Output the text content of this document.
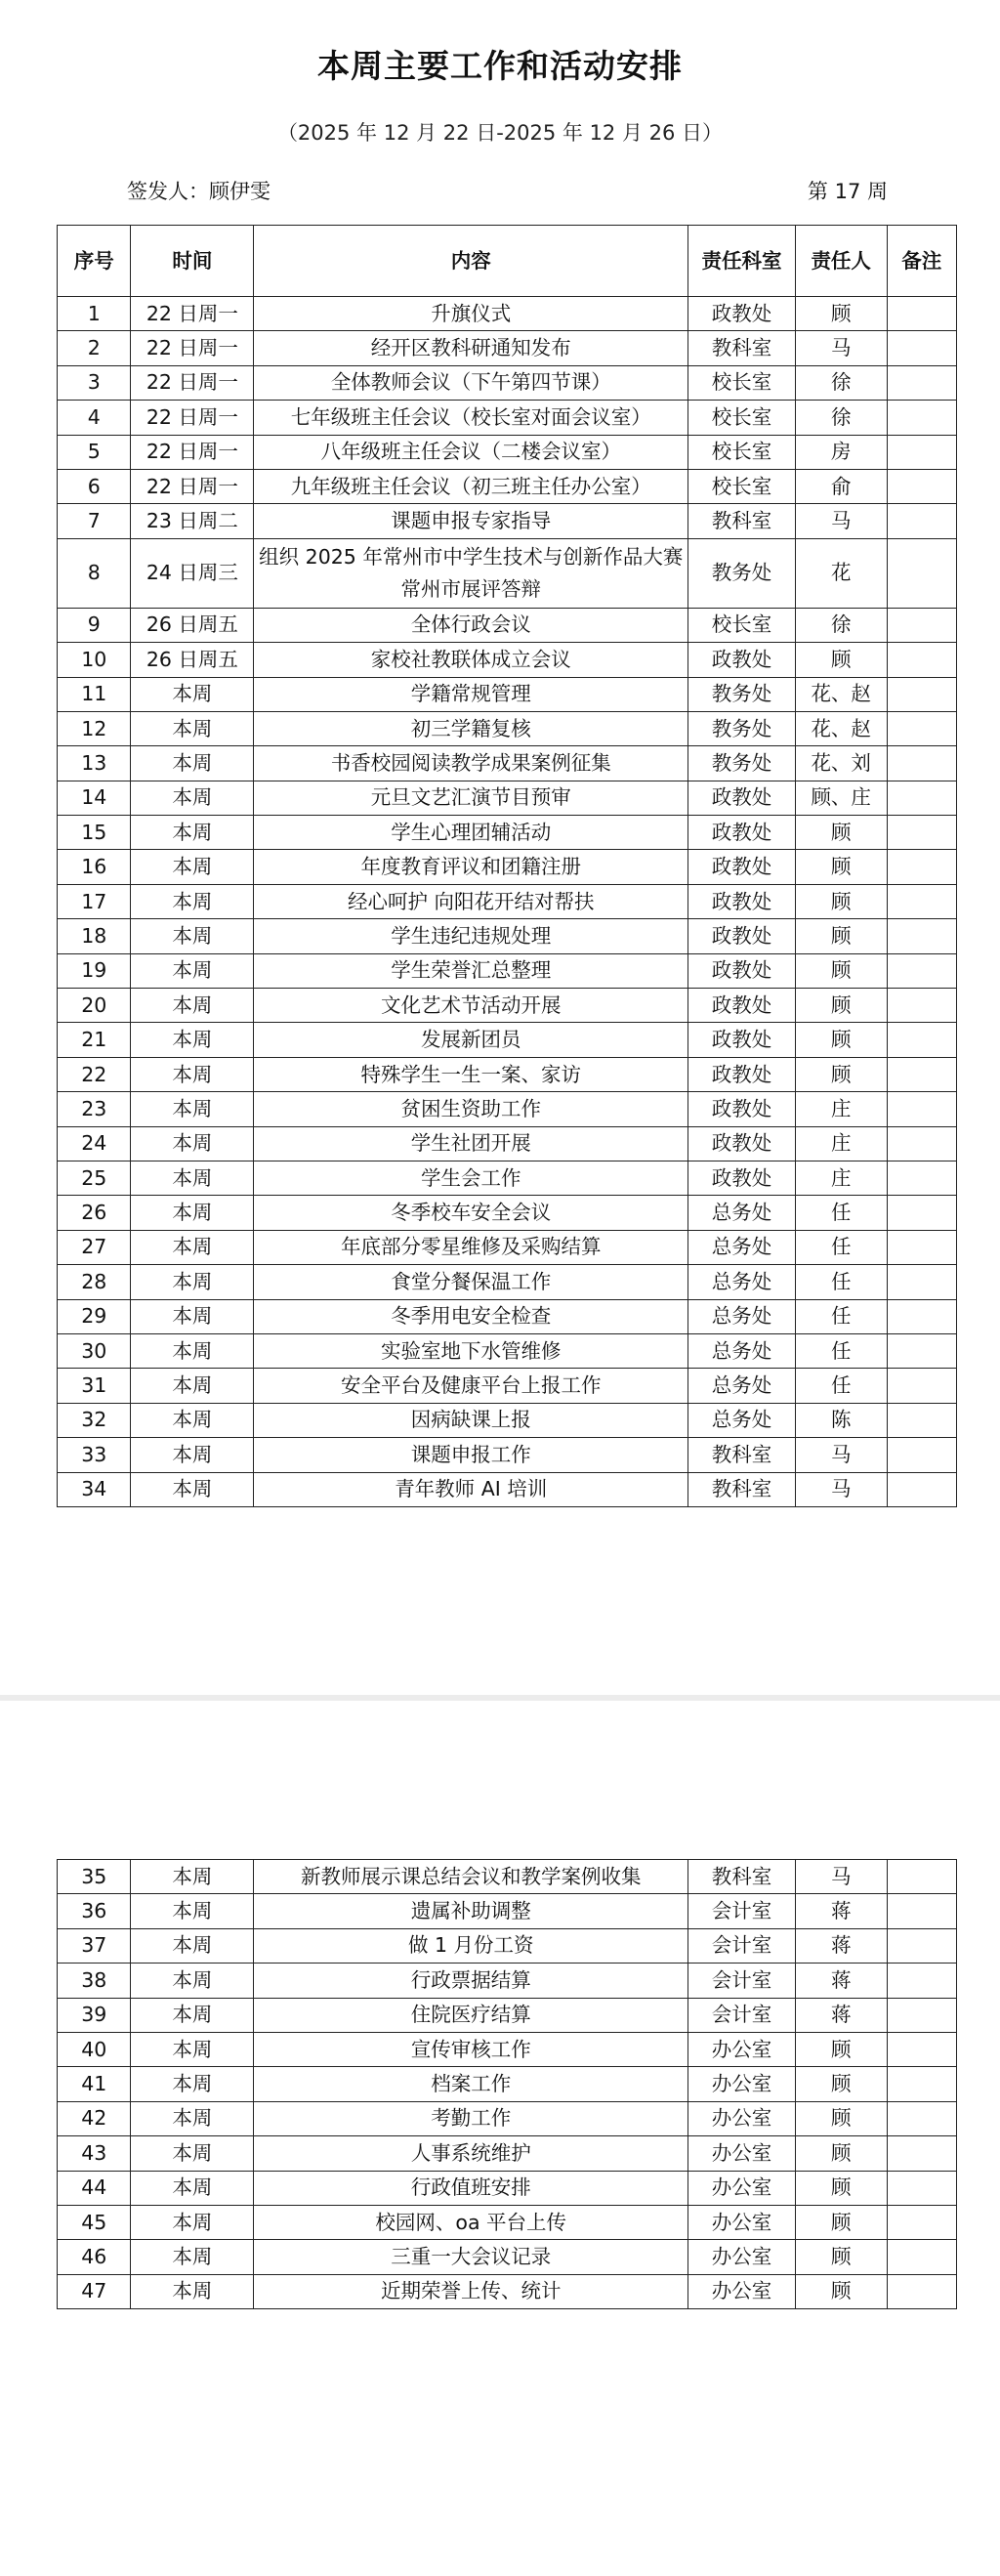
本周主要工作和活动安排
（2025 年 12 月 22 日-2025 年 12 月 26 日）
签发人：顾伊雯	第 17 周
序号	时间	内容	责任科室	责任人	备注
1	22 日周一	升旗仪式	政教处	顾	
2	22 日周一	经开区教科研通知发布	教科室	马	
3	22 日周一	全体教师会议（下午第四节课）	校长室	徐	
4	22 日周一	七年级班主任会议（校长室对面会议室）	校长室	徐	
5	22 日周一	八年级班主任会议（二楼会议室）	校长室	房	
6	22 日周一	九年级班主任会议（初三班主任办公室）	校长室	俞	
7	23 日周二	课题申报专家指导	教科室	马	
8	24 日周三	组织 2025 年常州市中学生技术与创新作品大赛常州市展评答辩	教务处	花	
9	26 日周五	全体行政会议	校长室	徐	
10	26 日周五	家校社教联体成立会议	政教处	顾	
11	本周	学籍常规管理	教务处	花、赵	
12	本周	初三学籍复核	教务处	花、赵	
13	本周	书香校园阅读教学成果案例征集	教务处	花、刘	
14	本周	元旦文艺汇演节目预审	政教处	顾、庄	
15	本周	学生心理团辅活动	政教处	顾	
16	本周	年度教育评议和团籍注册	政教处	顾	
17	本周	经心呵护 向阳花开结对帮扶	政教处	顾	
18	本周	学生违纪违规处理	政教处	顾	
19	本周	学生荣誉汇总整理	政教处	顾	
20	本周	文化艺术节活动开展	政教处	顾	
21	本周	发展新团员	政教处	顾	
22	本周	特殊学生一生一案、家访	政教处	顾	
23	本周	贫困生资助工作	政教处	庄	
24	本周	学生社团开展	政教处	庄	
25	本周	学生会工作	政教处	庄	
26	本周	冬季校车安全会议	总务处	任	
27	本周	年底部分零星维修及采购结算	总务处	任	
28	本周	食堂分餐保温工作	总务处	任	
29	本周	冬季用电安全检查	总务处	任	
30	本周	实验室地下水管维修	总务处	任	
31	本周	安全平台及健康平台上报工作	总务处	任	
32	本周	因病缺课上报	总务处	陈	
33	本周	课题申报工作	教科室	马	
34	本周	青年教师 AI 培训	教科室	马	
35	本周	新教师展示课总结会议和教学案例收集	教科室	马	
36	本周	遗属补助调整	会计室	蒋	
37	本周	做 1 月份工资	会计室	蒋	
38	本周	行政票据结算	会计室	蒋	
39	本周	住院医疗结算	会计室	蒋	
40	本周	宣传审核工作	办公室	顾	
41	本周	档案工作	办公室	顾	
42	本周	考勤工作	办公室	顾	
43	本周	人事系统维护	办公室	顾	
44	本周	行政值班安排	办公室	顾	
45	本周	校园网、oa 平台上传	办公室	顾	
46	本周	三重一大会议记录	办公室	顾	
47	本周	近期荣誉上传、统计	办公室	顾	
